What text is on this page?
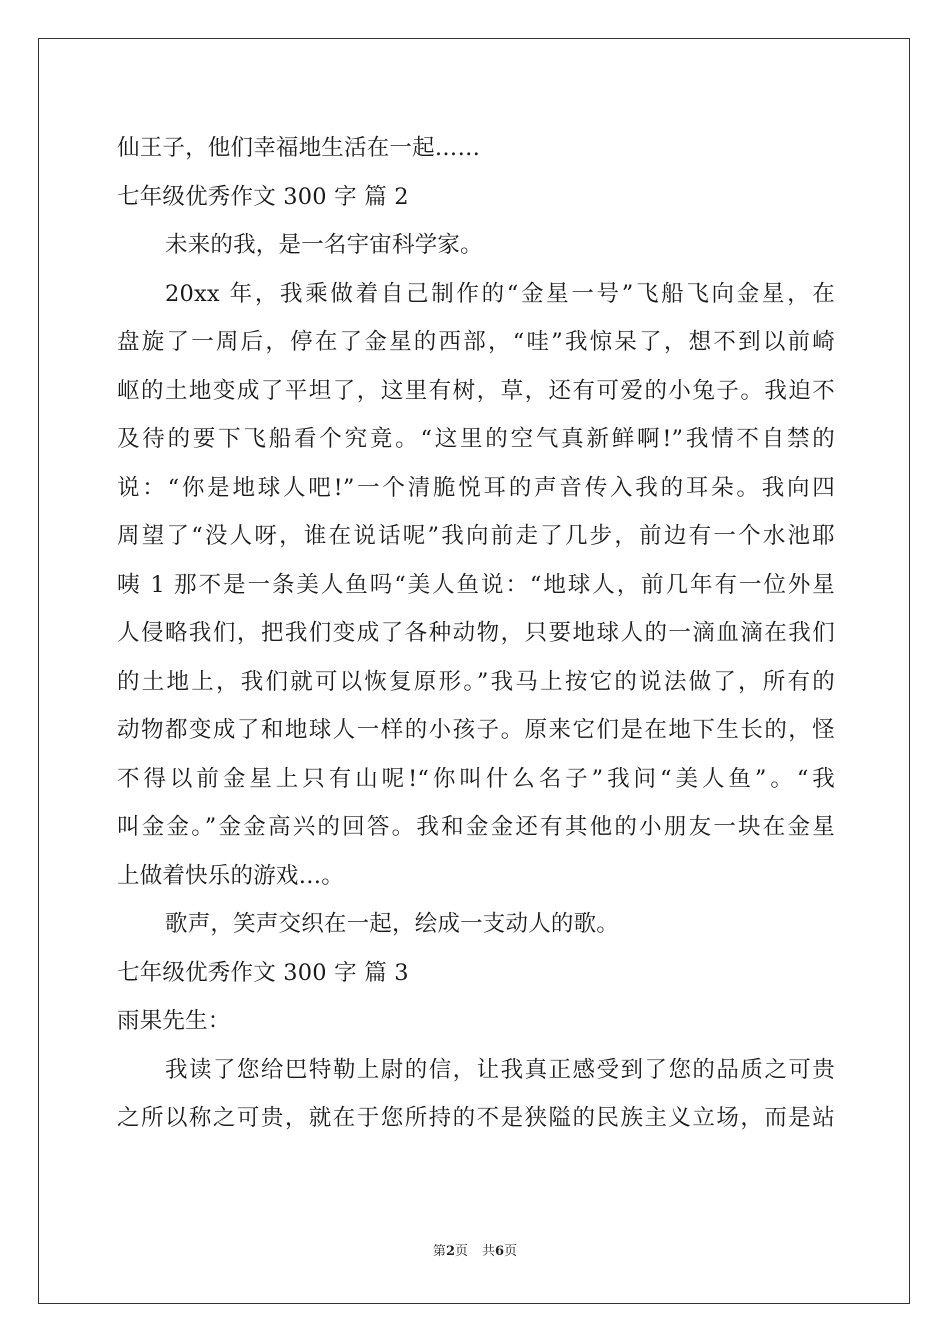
仙王子，他们幸福地生活在一起……
七年级优秀作文 300 字 篇 2
未来的我，是一名宇宙科学家。
20xx 年，我乘做着自己制作的“金星一号”飞船飞向金星，在
盘旋了一周后，停在了金星的西部，“哇”我惊呆了，想不到以前崎
岖的土地变成了平坦了，这里有树，草，还有可爱的小兔子。我迫不
及待的要下飞船看个究竟。“这里的空气真新鲜啊!”我情不自禁的
说：“你是地球人吧!”一个清脆悦耳的声音传入我的耳朵。我向四
周望了“没人呀，谁在说话呢”我向前走了几步，前边有一个水池耶
咦 1 那不是一条美人鱼吗“美人鱼说：“地球人，前几年有一位外星
人侵略我们，把我们变成了各种动物，只要地球人的一滴血滴在我们
的土地上，我们就可以恢复原形。”我马上按它的说法做了，所有的
动物都变成了和地球人一样的小孩子。原来它们是在地下生长的，怪
不得以前金星上只有山呢!“你叫什么名子”我问“美人鱼”。“我
叫金金。”金金高兴的回答。我和金金还有其他的小朋友一块在金星
上做着快乐的游戏…。
歌声，笑声交织在一起，绘成一支动人的歌。
七年级优秀作文 300 字 篇 3
雨果先生：
我读了您给巴特勒上尉的信，让我真正感受到了您的品质之可贵
之所以称之可贵，就在于您所持的不是狭隘的民族主义立场，而是站
第2页 共6页
